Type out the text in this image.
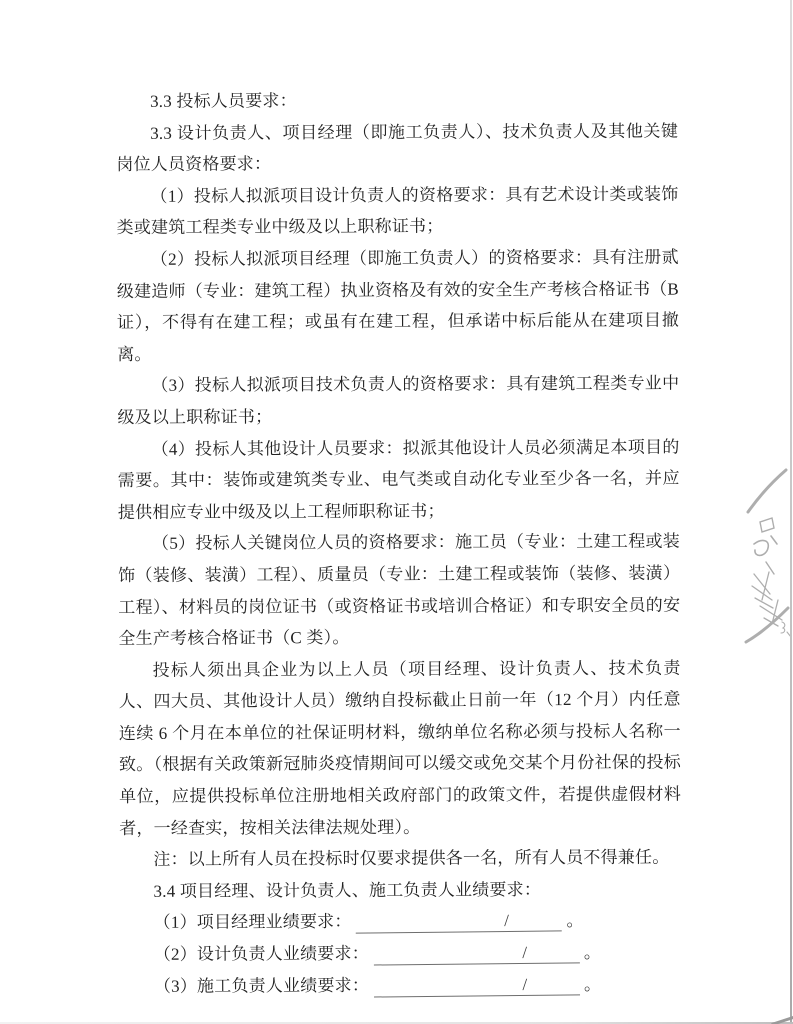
3.3 投标人员要求：

3.3 设计负责人、项目经理（即施工负责人）、技术负责人及其他关键岗位人员资格要求：

（1）投标人拟派项目设计负责人的资格要求：具有艺术设计类或装饰类或建筑工程类专业中级及以上职称证书；

（2）投标人拟派项目经理（即施工负责人）的资格要求：具有注册贰级建造师（专业：建筑工程）执业资格及有效的安全生产考核合格证书（B 证），不得有在建工程；或虽有在建工程，但承诺中标后能从在建项目撤离。

（3）投标人拟派项目技术负责人的资格要求：具有建筑工程类专业中级及以上职称证书；

（4）投标人其他设计人员要求：拟派其他设计人员必须满足本项目的需要。其中：装饰或建筑类专业、电气类或自动化专业至少各一名，并应提供相应专业中级及以上工程师职称证书；

（5）投标人关键岗位人员的资格要求：施工员（专业：土建工程或装饰（装修、装潢）工程）、质量员（专业：土建工程或装饰（装修、装潢）工程）、材料员的岗位证书（或资格证书或培训合格证）和专职安全员的安全生产考核合格证书（C 类）。

投标人须出具企业为以上人员（项目经理、设计负责人、技术负责人、四大员、其他设计人员）缴纳自投标截止日前一年（12 个月）内任意连续 6 个月在本单位的社保证明材料，缴纳单位名称必须与投标人名称一致。（根据有关政策新冠肺炎疫情期间可以缓交或免交某个月份社保的投标单位，应提供投标单位注册地相关政府部门的政策文件，若提供虚假材料者，一经查实，按相关法律法规处理）。

注：以上所有人员在投标时仅要求提供各一名，所有人员不得兼任。

3.4 项目经理、设计负责人、施工负责人业绩要求：

（1）项目经理业绩要求：	/	。

（2）设计负责人业绩要求：	/	。

（3）施工负责人业绩要求：	/	。
